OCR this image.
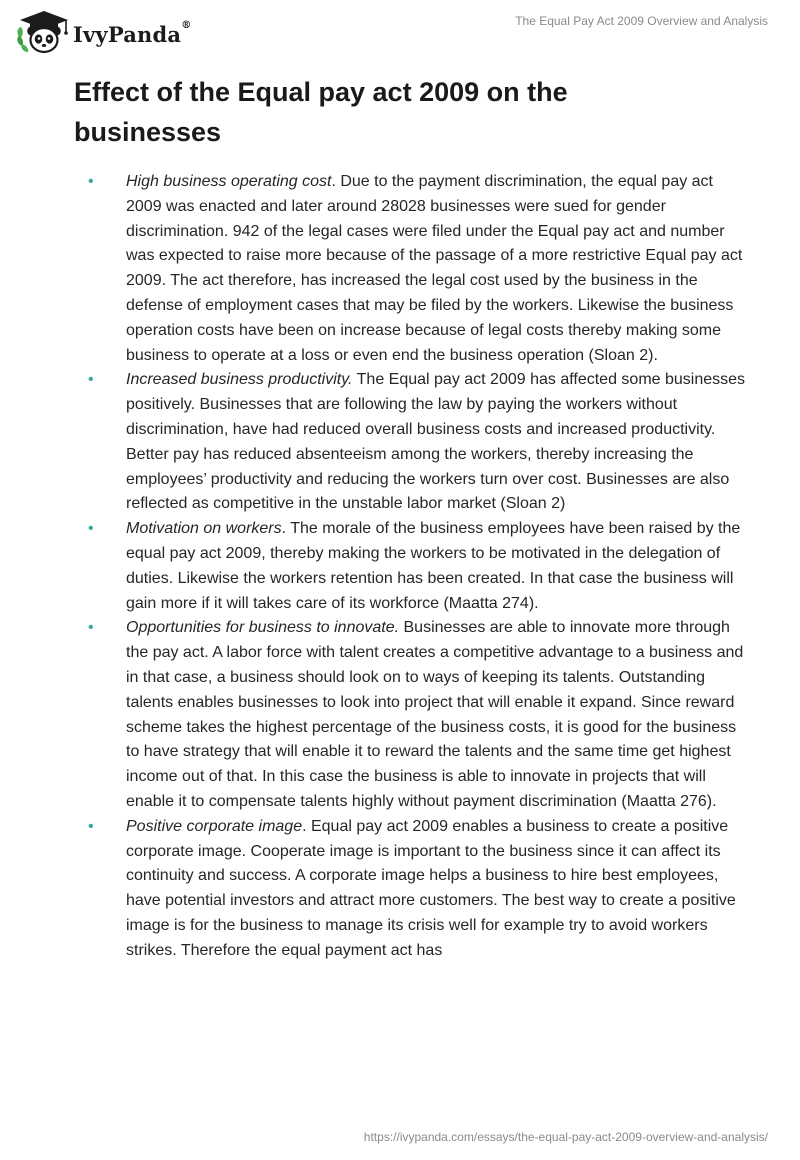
IvyPanda®	The Equal Pay Act 2009 Overview and Analysis
Effect of the Equal pay act 2009 on the businesses
• High business operating cost. Due to the payment discrimination, the equal pay act 2009 was enacted and later around 28028 businesses were sued for gender discrimination. 942 of the legal cases were filed under the Equal pay act and number was expected to raise more because of the passage of a more restrictive Equal pay act 2009. The act therefore, has increased the legal cost used by the business in the defense of employment cases that may be filed by the workers. Likewise the business operation costs have been on increase because of legal costs thereby making some business to operate at a loss or even end the business operation (Sloan 2).
• Increased business productivity. The Equal pay act 2009 has affected some businesses positively. Businesses that are following the law by paying the workers without discrimination, have had reduced overall business costs and increased productivity. Better pay has reduced absenteeism among the workers, thereby increasing the employees’ productivity and reducing the workers turn over cost. Businesses are also reflected as competitive in the unstable labor market (Sloan 2)
• Motivation on workers. The morale of the business employees have been raised by the equal pay act 2009, thereby making the workers to be motivated in the delegation of duties. Likewise the workers retention has been created. In that case the business will gain more if it will takes care of its workforce (Maatta 274).
• Opportunities for business to innovate. Businesses are able to innovate more through the pay act. A labor force with talent creates a competitive advantage to a business and in that case, a business should look on to ways of keeping its talents. Outstanding talents enables businesses to look into project that will enable it expand. Since reward scheme takes the highest percentage of the business costs, it is good for the business to have strategy that will enable it to reward the talents and the same time get highest income out of that. In this case the business is able to innovate in projects that will enable it to compensate talents highly without payment discrimination (Maatta 276).
• Positive corporate image. Equal pay act 2009 enables a business to create a positive corporate image. Cooperate image is important to the business since it can affect its continuity and success. A corporate image helps a business to hire best employees, have potential investors and attract more customers. The best way to create a positive image is for the business to manage its crisis well for example try to avoid workers strikes. Therefore the equal payment act has
https://ivypanda.com/essays/the-equal-pay-act-2009-overview-and-analysis/
